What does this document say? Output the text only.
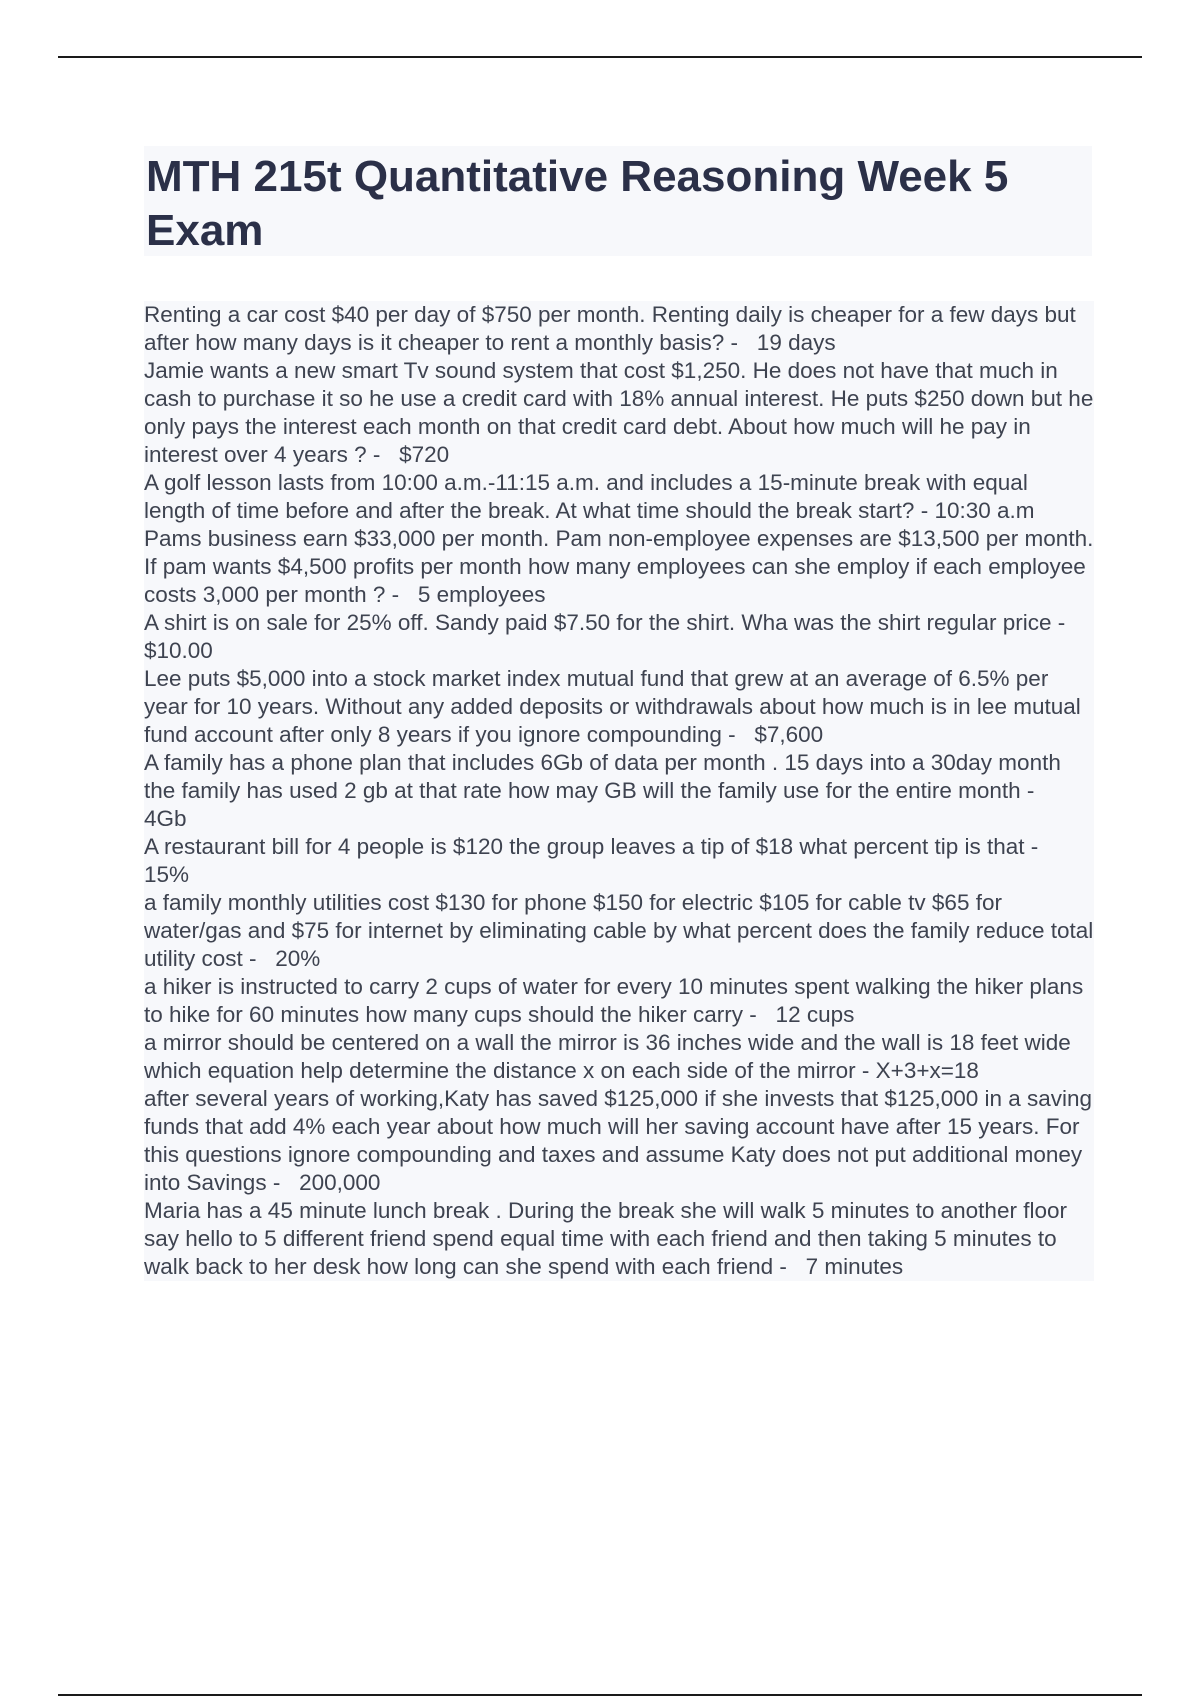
MTH 215t Quantitative Reasoning Week 5 Exam
Renting a car cost $40 per day of $750 per month. Renting daily is cheaper for a few days but after how many days is it cheaper to rent a monthly basis? -   19 days
Jamie wants a new smart Tv sound system that cost $1,250. He does not have that much in cash to purchase it so he use a credit card with 18% annual interest. He puts $250 down but he only pays the interest each month on that credit card debt. About how much will he pay in interest over 4 years ? -   $720
A golf lesson lasts from 10:00 a.m.-11:15 a.m. and includes a 15-minute break with equal length of time before and after the break. At what time should the break start? - 10:30 a.m
Pams business earn $33,000 per month. Pam non-employee expenses are $13,500 per month. If pam wants $4,500 profits per month how many employees can she employ if each employee costs 3,000 per month ? -   5 employees
A shirt is on sale for 25% off. Sandy paid $7.50 for the shirt. Wha was the shirt regular price -   $10.00
Lee puts $5,000 into a stock market index mutual fund that grew at an average of 6.5% per year for 10 years. Without any added deposits or withdrawals about how much is in lee mutual fund account after only 8 years if you ignore compounding -   $7,600
A family has a phone plan that includes 6Gb of data per month . 15 days into a 30day month the family has used 2 gb at that rate how may GB will the family use for the entire month -   4Gb
A restaurant bill for 4 people is $120 the group leaves a tip of $18 what percent tip is that -   15%
a family monthly utilities cost $130 for phone $150 for electric $105 for cable tv $65 for water/gas and $75 for internet by eliminating cable by what percent does the family reduce total utility cost -   20%
a hiker is instructed to carry 2 cups of water for every 10 minutes spent walking the hiker plans to hike for 60 minutes how many cups should the hiker carry -   12 cups
a mirror should be centered on a wall the mirror is 36 inches wide and the wall is 18 feet wide which equation help determine the distance x on each side of the mirror - X+3+x=18
after several years of working,Katy has saved $125,000 if she invests that $125,000 in a saving funds that add 4% each year about how much will her saving account have after 15 years. For this questions ignore compounding and taxes and assume Katy does not put additional money into Savings -   200,000
Maria has a 45 minute lunch break . During the break she will walk 5 minutes to another floor say hello to 5 different friend spend equal time with each friend and then taking 5 minutes to walk back to her desk how long can she spend with each friend -   7 minutes
